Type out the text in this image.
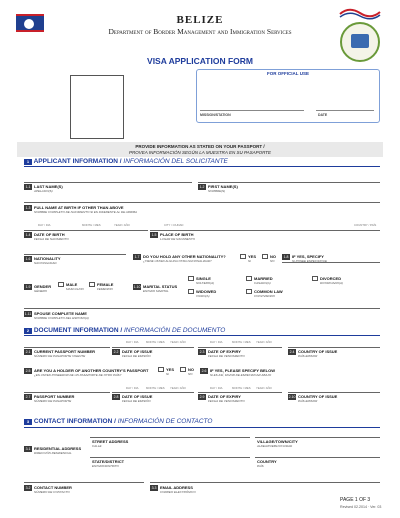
BELIZE
Department of Border Management and Immigration Services
VISA APPLICATION FORM
FOR OFFICIAL USE
MISSION/STATION	DATE
PROVIDE INFORMATION AS STATED ON YOUR PASSPORT /
PROVEA INFORMACIÓN SEGÚN LA MUESTRA EN SU PASAPORTE
1 APPLICANT INFORMATION / INFORMACIÓN DEL SOLICITANTE
1.1 LAST NAME(S)
APELLIDO(S)
1.2 FIRST NAME(S)
NOMBRE(S)
1.3 FULL NAME AT BIRTH IF OTHER THAN ABOVE
NOMBRE COMPLETO DE NACIMIENTO SI ES DIFERENTE AL DE ARRIBA
DAY / DIA	MONTH / MES	YEAR / AÑO
1.4 DATE OF BIRTH
FECHA DE NACIMIENTO
CITY / CIUDAD	COUNTRY / PAÍS
1.5 PLACE OF BIRTH
LUGAR DE NACIMIENTO
1.6 NATIONALITY
NACIONALIDAD
1.7 DO YOU HOLD ANY OTHER NATIONALITY?
¿TIENE USTED ALGUNA OTRA NACIONALIDAD?
YES
SI
NO
NO
1.8 IF YES, SPECIFY
SI POSEE ESPECIFIQUE
1.9 GENDER
GÉNERO
MALE
MASCULINO
FEMALE
FEMENINO	1.10 MARITAL STATUS
ESTADO MARITAL
SINGLE
SOLTERO(A)
MARRIED
CASADO(A)
DIVORCED
DIVORCIADO(A)
WIDOWED
VIUDO(A)
COMMON LAW
CONVIVIENDO
1.11 SPOUSE COMPLETE NAME
NOMBRE COMPLETO DEL ESPOSO(A)
2 DOCUMENT INFORMATION / INFORMACIÓN DE DOCUMENTO
DAY / DIA	MONTH / MES YEAR / AÑO	DAY / DIA	MONTH / MES YEAR / AÑO
2.1 CURRENT PASSPORT NUMBER
NÚMERO DE PASAPORTE VIGENTE
2.2 DATE OF ISSUE
FECHA DE EMISIÓN
2.3 DATE OF EXPIRY
FECHA DE VENCIMIENTO
2.4 COUNTRY OF ISSUE
PAÍS EMISOR
2.5 ARE YOU A HOLDER OF ANOTHER COUNTRY'S PASSPORT
¿ES USTED POSEEDOR DE UN PASAPORTE DE OTRO PAÍS?
YES
SI
NO
NO
2.6 IF YES, PLEASE SPECIFY BELOW
SI ES ASÍ, FAVOR DE ESPECIFICAR ABAJO
DAY / DIA	MONTH / MES YEAR / AÑO	DAY / DIA	MONTH / MES YEAR / AÑO
2.7 PASSPORT NUMBER
NÚMERO DE PASAPORTE
2.8 DATE OF ISSUE
FECHA DE EMISIÓN
2.9 DATE OF EXPIRY
FECHA DE VENCIMIENTO
2.10 COUNTRY OF ISSUE
PAÍS EMISOR
3 CONTACT INFORMATION / INFORMACIÓN DE CONTACTO
3.1 RESIDENTIAL ADDRESS
DIRECCIÓN RESIDENCIAL
STREET ADDRESS
CALLE
VILLAGE/TOWN/CITY
ALDEA/PUEBLO/CIUDAD
STATE/DISTRICT
ESTADO/DISTRITO
COUNTRY
PAÍS
3.2 CONTACT NUMBER
NÚMERO DE CONTACTO
3.3 EMAIL ADDRESS
CORREO ELECTRÓNICO
PAGE 1 OF 3
Revised 02.2014 · Ver. 03
